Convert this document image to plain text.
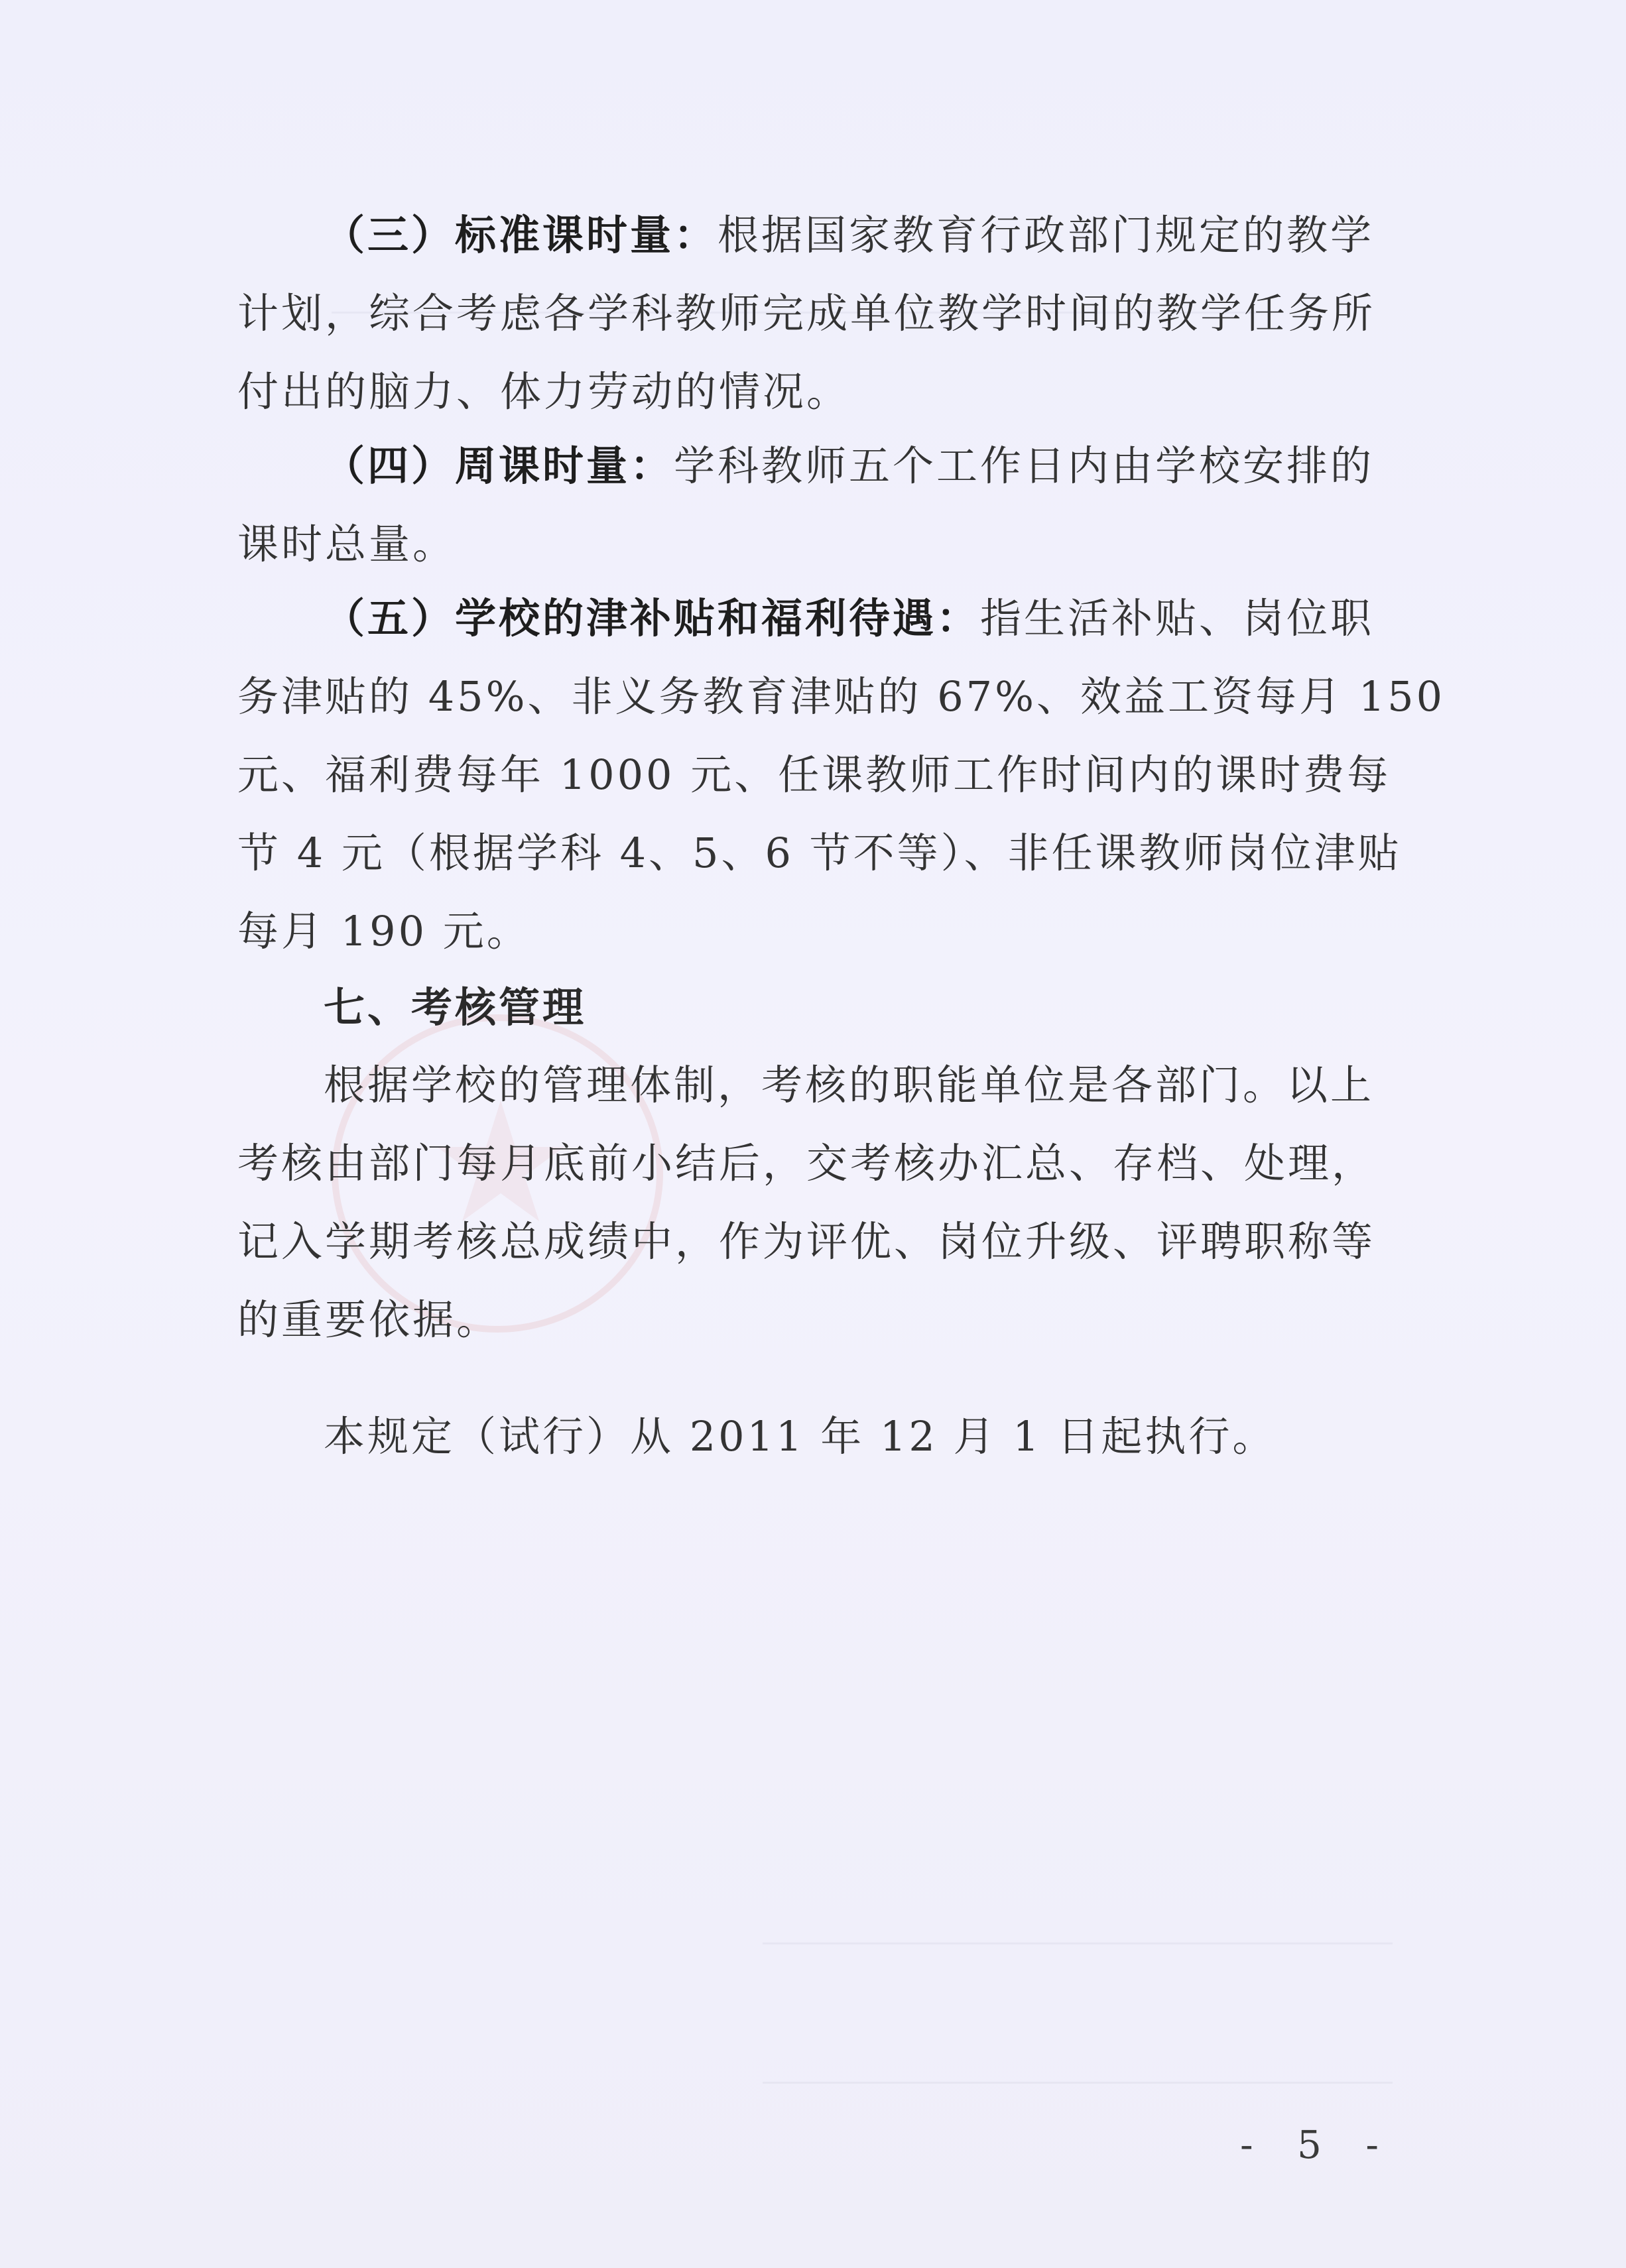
（三）标准课时量：根据国家教育行政部门规定的教学
计划，综合考虑各学科教师完成单位教学时间的教学任务所
付出的脑力、体力劳动的情况。
（四）周课时量：学科教师五个工作日内由学校安排的
课时总量。
（五）学校的津补贴和福利待遇：指生活补贴、岗位职
务津贴的 45%、非义务教育津贴的 67%、效益工资每月 150
元、福利费每年 1000 元、任课教师工作时间内的课时费每
节 4 元（根据学科 4、5、6 节不等）、非任课教师岗位津贴
每月 190 元。
七、考核管理
根据学校的管理体制，考核的职能单位是各部门。以上
考核由部门每月底前小结后，交考核办汇总、存档、处理，
记入学期考核总成绩中，作为评优、岗位升级、评聘职称等
的重要依据。
本规定（试行）从 2011 年 12 月 1 日起执行。
- 5 -
